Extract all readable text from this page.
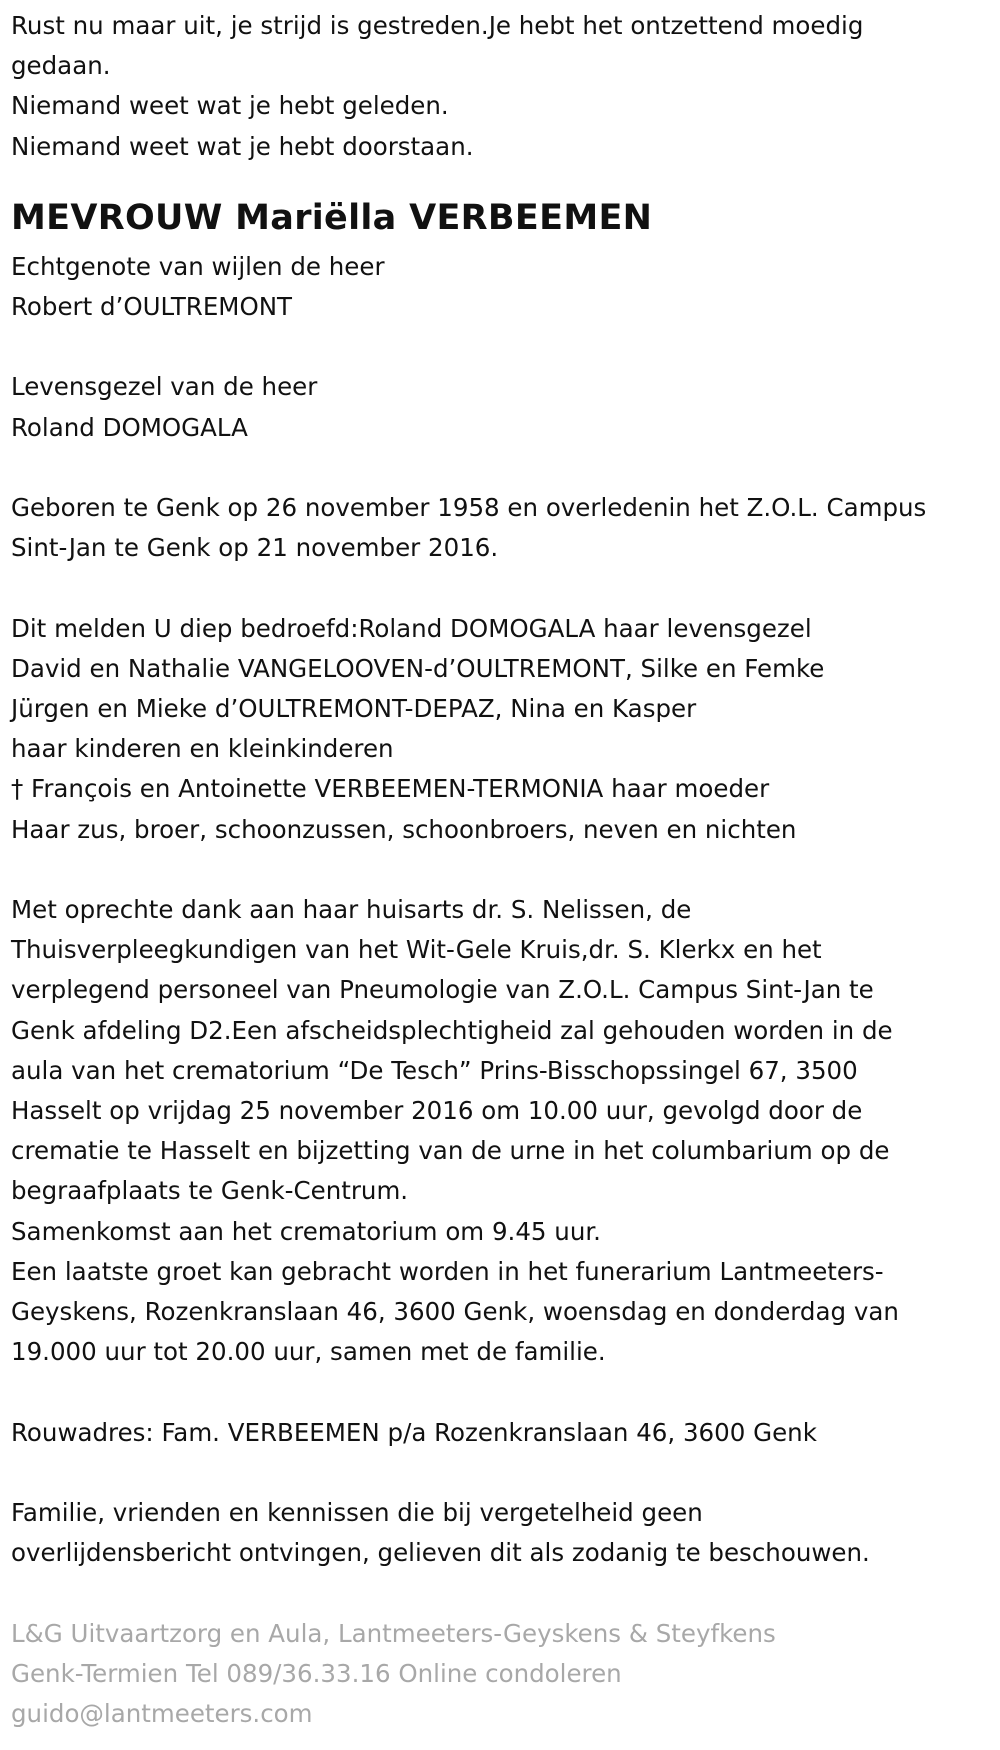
Rust nu maar uit, je strijd is gestreden.Je hebt het ontzettend moedig

gedaan.

Niemand weet wat je hebt geleden.

Niemand weet wat je hebt doorstaan.

MEVROUW Mariëlla VERBEEMEN

Echtgenote van wijlen de heer

Robert d’OULTREMONT

Levensgezel van de heer

Roland DOMOGALA

Geboren te Genk op 26 november 1958 en overledenin het Z.O.L. Campus

Sint-Jan te Genk op 21 november 2016.

Dit melden U diep bedroefd:Roland DOMOGALA haar levensgezel

David en Nathalie VANGELOOVEN-d’OULTREMONT, Silke en Femke

Jürgen en Mieke d’OULTREMONT-DEPAZ, Nina en Kasper

haar kinderen en kleinkinderen

† François en Antoinette VERBEEMEN-TERMONIA haar moeder

Haar zus, broer, schoonzussen, schoonbroers, neven en nichten

Met oprechte dank aan haar huisarts dr. S. Nelissen, de

Thuisverpleegkundigen van het Wit-Gele Kruis,dr. S. Klerkx en het

verplegend personeel van Pneumologie van Z.O.L. Campus Sint-Jan te

Genk afdeling D2.Een afscheidsplechtigheid zal gehouden worden in de

aula van het crematorium “De Tesch” Prins-Bisschopssingel 67, 3500

Hasselt op vrijdag 25 november 2016 om 10.00 uur, gevolgd door de

crematie te Hasselt en bijzetting van de urne in het columbarium op de

begraafplaats te Genk-Centrum.

Samenkomst aan het crematorium om 9.45 uur.

Een laatste groet kan gebracht worden in het funerarium Lantmeeters-

Geyskens, Rozenkranslaan 46, 3600 Genk, woensdag en donderdag van

19.000 uur tot 20.00 uur, samen met de familie.

Rouwadres: Fam. VERBEEMEN p/a Rozenkranslaan 46, 3600 Genk

Familie, vrienden en kennissen die bij vergetelheid geen

overlijdensbericht ontvingen, gelieven dit als zodanig te beschouwen.

L&G Uitvaartzorg en Aula, Lantmeeters-Geyskens & Steyfkens

Genk-Termien Tel 089/36.33.16 Online condoleren

guido@lantmeeters.com
